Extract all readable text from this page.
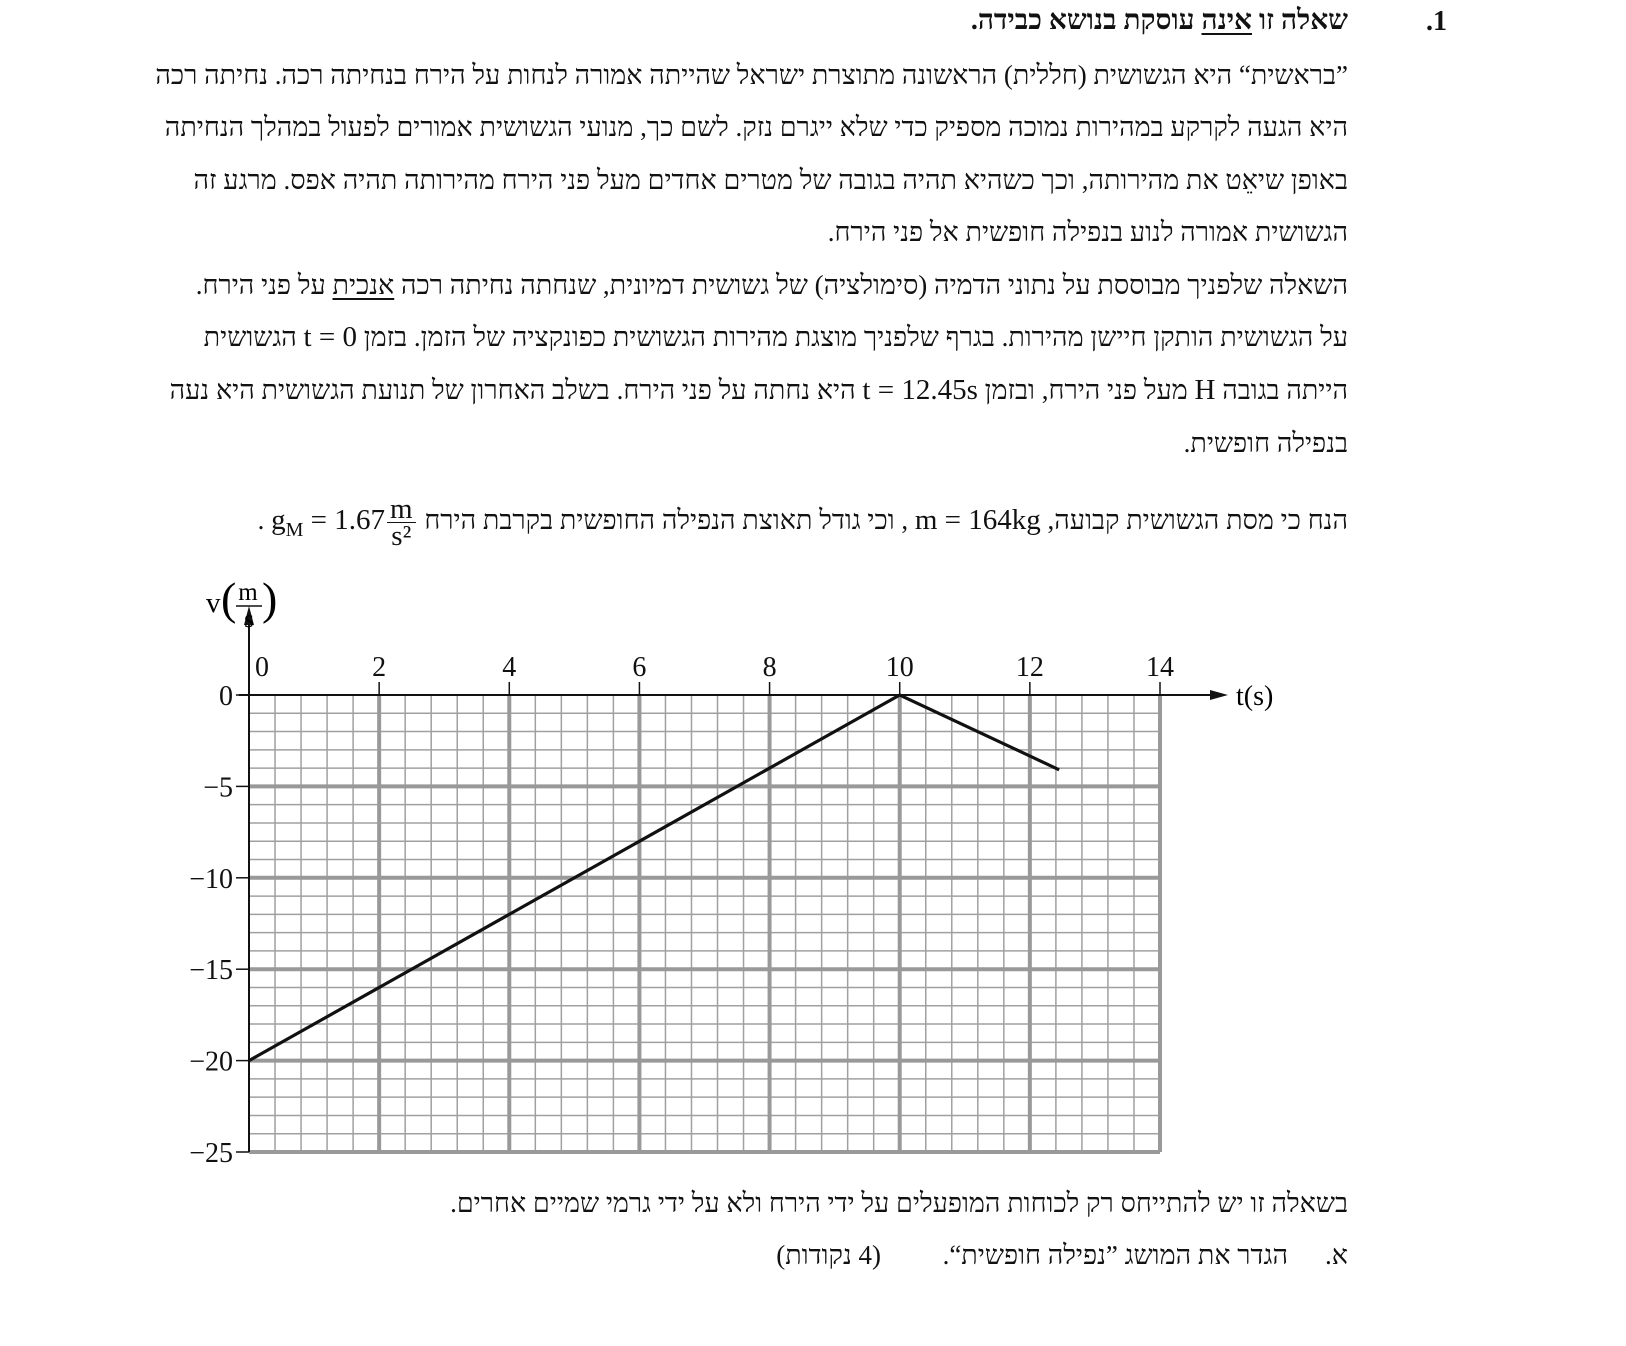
.1
שאלה זו אינה עוסקת בנושא כבידה.
”בראשית“ היא הגשושית (חללית) הראשונה מתוצרת ישראל שהייתה אמורה לנחות על הירח בנחיתה רכה. נחיתה רכה
היא הגעה לקרקע במהירות נמוכה מספיק כדי שלא ייגרם נזק. לשם כך, מנועי הגשושית אמורים לפעול במהלך הנחיתה
באופן שיאֵט את מהירותה, וכך כשהיא תהיה בגובה של מטרים אחדים מעל פני הירח מהירותה תהיה אפס. מרגע זה
הגשושית אמורה לנוע בנפילה חופשית אל פני הירח.
השאלה שלפניך מבוססת על נתוני הדמיה (סימולציה) של גשושית דמיונית, שנחתה נחיתה רכה אנכית על פני הירח.
על הגשושית הותקן חיישן מהירות. בגרף שלפניך מוצגת מהירות הגשושית כפונקציה של הזמן. בזמן t = 0 הגשושית
הייתה בגובה H מעל פני הירח, ובזמן t = 12.45s היא נחתה על פני הירח. בשלב האחרון של תנועת הגשושית היא נעה
בנפילה חופשית.
הנח כי מסת הגשושית קבועה, m = 164kg , וכי גודל תאוצת הנפילה החופשית בקרבת הירח $g_M = 1.67 \frac{m}{\text{s²}}$
.
0	2	4	6	8	10	12	14
0
−5
−10
−15
−20
−25
v ( m
s )
t(s)
בשאלה זו יש להתייחס רק לכוחות המופעלים על ידי הירח ולא על ידי גרמי שמיים אחרים.
א.
הגדר את המושג ”נפילה חופשית“.
(4 נקודות)
